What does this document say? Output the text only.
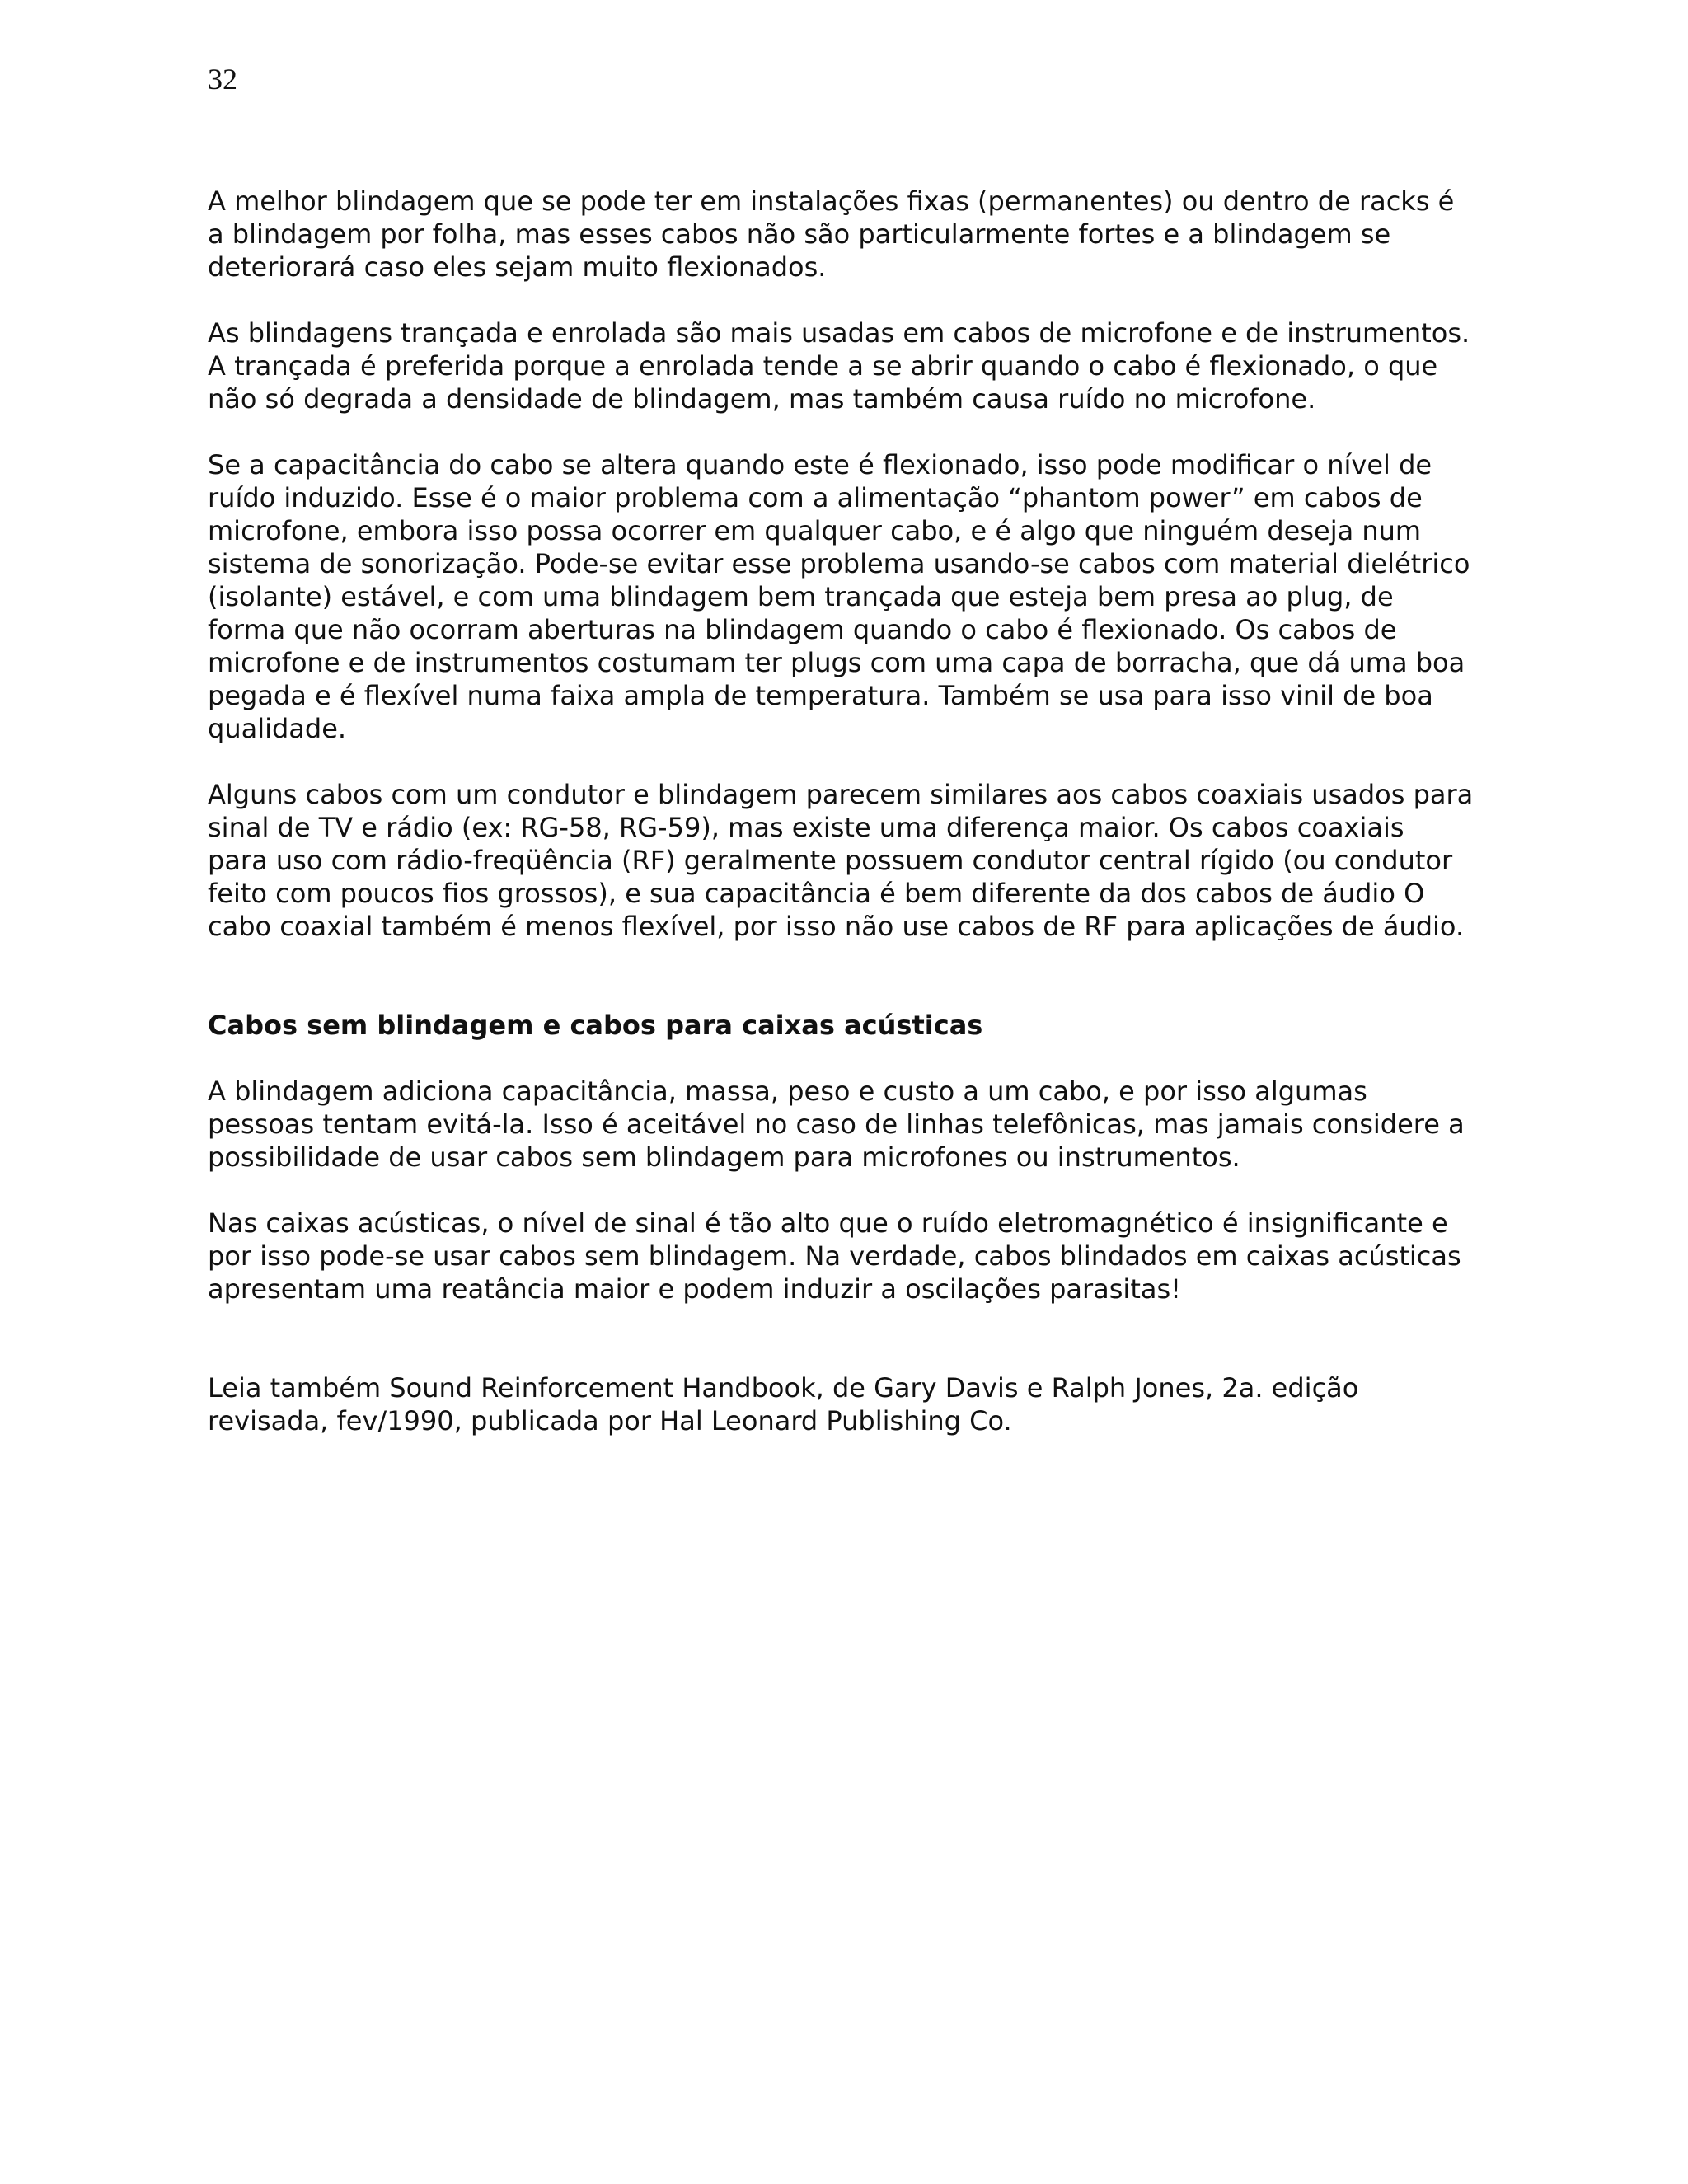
32

A melhor blindagem que se pode ter em instalações fixas (permanentes) ou dentro de racks é
a blindagem por folha, mas esses cabos não são particularmente fortes e a blindagem se
deteriorará caso eles sejam muito flexionados.

As blindagens trançada e enrolada são mais usadas em cabos de microfone e de instrumentos.
A trançada é preferida porque a enrolada tende a se abrir quando o cabo é flexionado, o que
não só degrada a densidade de blindagem, mas também causa ruído no microfone.

Se a capacitância do cabo se altera quando este é flexionado, isso pode modificar o nível de
ruído induzido. Esse é o maior problema com a alimentação “phantom power” em cabos de
microfone, embora isso possa ocorrer em qualquer cabo, e é algo que ninguém deseja num
sistema de sonorização. Pode-se evitar esse problema usando-se cabos com material dielétrico
(isolante) estável, e com uma blindagem bem trançada que esteja bem presa ao plug, de
forma que não ocorram aberturas na blindagem quando o cabo é flexionado. Os cabos de
microfone e de instrumentos costumam ter plugs com uma capa de borracha, que dá uma boa
pegada e é flexível numa faixa ampla de temperatura. Também se usa para isso vinil de boa
qualidade.

Alguns cabos com um condutor e blindagem parecem similares aos cabos coaxiais usados para
sinal de TV e rádio (ex: RG-58, RG-59), mas existe uma diferença maior. Os cabos coaxiais
para uso com rádio-freqüência (RF) geralmente possuem condutor central rígido (ou condutor
feito com poucos fios grossos), e sua capacitância é bem diferente da dos cabos de áudio O
cabo coaxial também é menos flexível, por isso não use cabos de RF para aplicações de áudio.

Cabos sem blindagem e cabos para caixas acústicas

A blindagem adiciona capacitância, massa, peso e custo a um cabo, e por isso algumas
pessoas tentam evitá-la. Isso é aceitável no caso de linhas telefônicas, mas jamais considere a
possibilidade de usar cabos sem blindagem para microfones ou instrumentos.

Nas caixas acústicas, o nível de sinal é tão alto que o ruído eletromagnético é insignificante e
por isso pode-se usar cabos sem blindagem. Na verdade, cabos blindados em caixas acústicas
apresentam uma reatância maior e podem induzir a oscilações parasitas!

Leia também Sound Reinforcement Handbook, de Gary Davis e Ralph Jones, 2a. edição
revisada, fev/1990, publicada por Hal Leonard Publishing Co.
